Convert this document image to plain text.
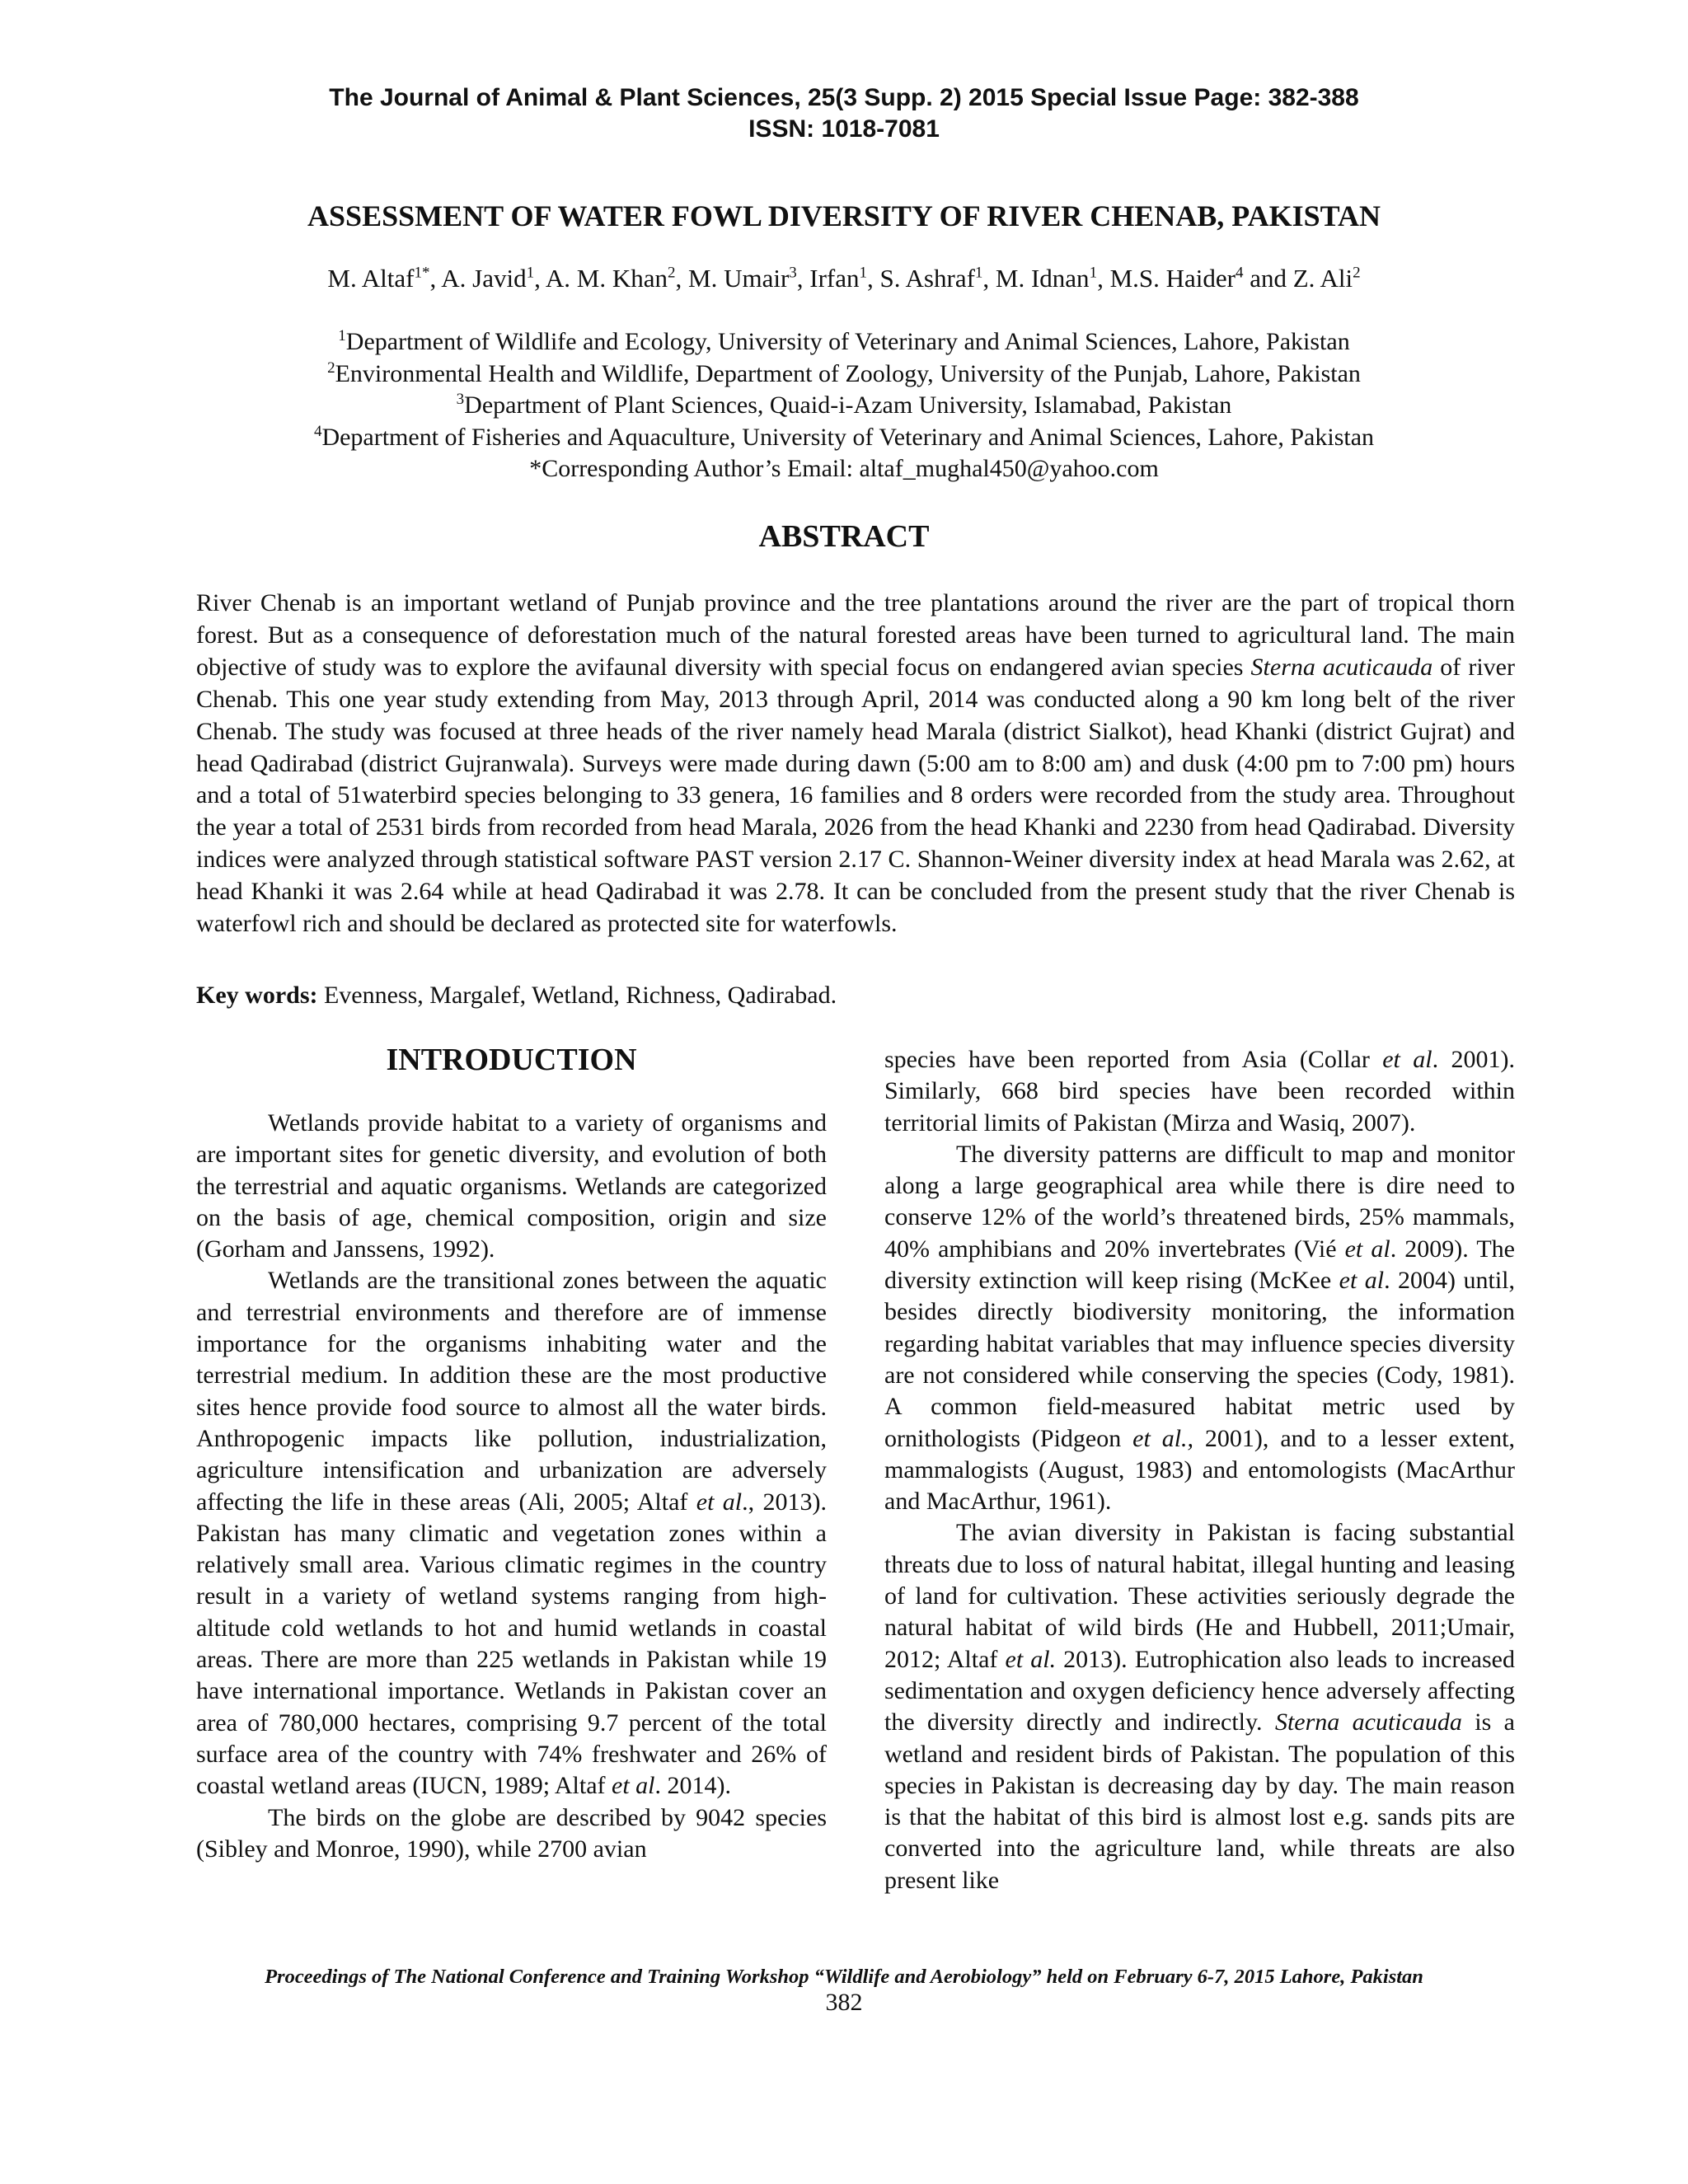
The Journal of Animal & Plant Sciences, 25(3 Supp. 2) 2015 Special Issue Page: 382-388
ISSN: 1018-7081
ASSESSMENT OF WATER FOWL DIVERSITY OF RIVER CHENAB, PAKISTAN
M. Altaf$^{1*}$, A. Javid$^1$, A. M. Khan$^2$, M. Umair$^3$, Irfan$^1$, S. Ashraf$^1$, M. Idnan$^1$, M.S. Haider$^4$ and Z. Ali$^2$
$^1$Department of Wildlife and Ecology, University of Veterinary and Animal Sciences, Lahore, Pakistan
$^2$Environmental Health and Wildlife, Department of Zoology, University of the Punjab, Lahore, Pakistan
$^3$Department of Plant Sciences, Quaid-i-Azam University, Islamabad, Pakistan
$^4$Department of Fisheries and Aquaculture, University of Veterinary and Animal Sciences, Lahore, Pakistan
*Corresponding Author’s Email: altaf_mughal450@yahoo.com
ABSTRACT
River Chenab is an important wetland of Punjab province and the tree plantations around the river are the part of tropical thorn forest. But as a consequence of deforestation much of the natural forested areas have been turned to agricultural land. The main objective of study was to explore the avifaunal diversity with special focus on endangered avian species Sterna acuticauda of river Chenab. This one year study extending from May, 2013 through April, 2014 was conducted along a 90 km long belt of the river Chenab. The study was focused at three heads of the river namely head Marala (district Sialkot), head Khanki (district Gujrat) and head Qadirabad (district Gujranwala). Surveys were made during dawn (5:00 am to 8:00 am) and dusk (4:00 pm to 7:00 pm) hours and a total of 51waterbird species belonging to 33 genera, 16 families and 8 orders were recorded from the study area. Throughout the year a total of 2531 birds from recorded from head Marala, 2026 from the head Khanki and 2230 from head Qadirabad. Diversity indices were analyzed through statistical software PAST version 2.17 C. Shannon-Weiner diversity index at head Marala was 2.62, at head Khanki it was 2.64 while at head Qadirabad it was 2.78. It can be concluded from the present study that the river Chenab is waterfowl rich and should be declared as protected site for waterfowls.
Key words: Evenness, Margalef, Wetland, Richness, Qadirabad.
INTRODUCTION

Wetlands provide habitat to a variety of organisms and are important sites for genetic diversity, and evolution of both the terrestrial and aquatic organisms. Wetlands are categorized on the basis of age, chemical composition, origin and size (Gorham and Janssens, 1992).

Wetlands are the transitional zones between the aquatic and terrestrial environments and therefore are of immense importance for the organisms inhabiting water and the terrestrial medium. In addition these are the most productive sites hence provide food source to almost all the water birds. Anthropogenic impacts like pollution, industrialization, agriculture intensification and urbanization are adversely affecting the life in these areas (Ali, 2005; Altaf et al., 2013). Pakistan has many climatic and vegetation zones within a relatively small area. Various climatic regimes in the country result in a variety of wetland systems ranging from high-altitude cold wetlands to hot and humid wetlands in coastal areas. There are more than 225 wetlands in Pakistan while 19 have international importance. Wetlands in Pakistan cover an area of 780,000 hectares, comprising 9.7 percent of the total surface area of the country with 74% freshwater and 26% of coastal wetland areas (IUCN, 1989; Altaf et al. 2014).

The birds on the globe are described by 9042 species (Sibley and Monroe, 1990), while 2700 avian

species have been reported from Asia (Collar et al. 2001). Similarly, 668 bird species have been recorded within territorial limits of Pakistan (Mirza and Wasiq, 2007).

The diversity patterns are difficult to map and monitor along a large geographical area while there is dire need to conserve 12% of the world’s threatened birds, 25% mammals, 40% amphibians and 20% invertebrates (Vié et al. 2009). The diversity extinction will keep rising (McKee et al. 2004) until, besides directly biodiversity monitoring, the information regarding habitat variables that may influence species diversity are not considered while conserving the species (Cody, 1981). A common field-measured habitat metric used by ornithologists (Pidgeon et al., 2001), and to a lesser extent, mammalogists (August, 1983) and entomologists (MacArthur and MacArthur, 1961).

The avian diversity in Pakistan is facing substantial threats due to loss of natural habitat, illegal hunting and leasing of land for cultivation. These activities seriously degrade the natural habitat of wild birds (He and Hubbell, 2011;Umair, 2012; Altaf et al. 2013). Eutrophication also leads to increased sedimentation and oxygen deficiency hence adversely affecting the diversity directly and indirectly. Sterna acuticauda is a wetland and resident birds of Pakistan. The population of this species in Pakistan is decreasing day by day. The main reason is that the habitat of this bird is almost lost e.g. sands pits are converted into the agriculture land, while threats are also present like

Proceedings of The National Conference and Training Workshop “Wildlife and Aerobiology” held on February 6-7, 2015 Lahore, Pakistan
382
